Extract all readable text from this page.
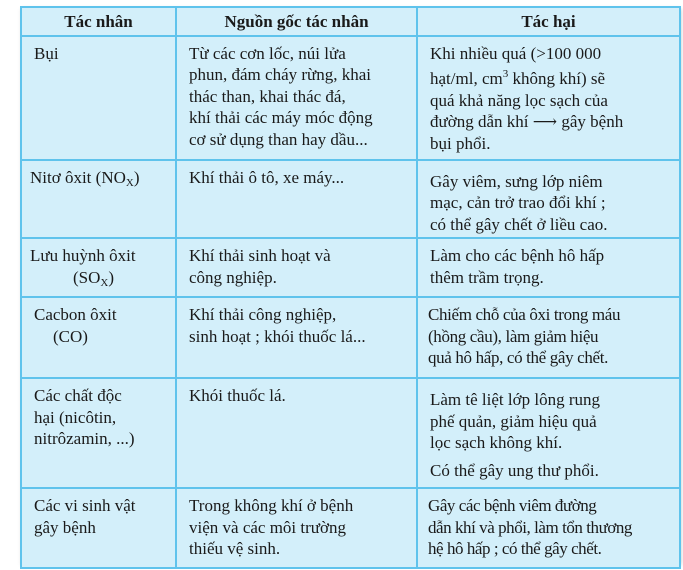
Tác nhân	Nguồn gốc tác nhân	Tác hại

Bụi	Từ các cơn lốc, núi lửa
phun, đám cháy rừng, khai
thác than, khai thác đá,
khí thải các máy móc động
cơ sử dụng than hay dầu...	Khi nhiều quá (>100 000
hạt/ml, $cm^3$ không khí) sẽ
quá khả năng lọc sạch của
đường dẫn khí ⟶ gây bệnh
bụi phổi.

Nitơ ôxit $(NO_X)$	Khí thải ô tô, xe máy...	Gây viêm, sưng lớp niêm
mạc, cản trở trao đổi khí ;
có thể gây chết ở liều cao.

Lưu huỳnh ôxit
$(SO_X)$	Khí thải sinh hoạt và
công nghiệp.	Làm cho các bệnh hô hấp
thêm trầm trọng.

Cacbon ôxit
(CO)	Khí thải công nghiệp,
sinh hoạt ; khói thuốc lá...	Chiếm chỗ của ôxi trong máu
(hồng cầu), làm giảm hiệu
quả hô hấp, có thể gây chết.

Các chất độc
hại (nicôtin,
nitrôzamin, ...)	Khói thuốc lá.	Làm tê liệt lớp lông rung
phế quản, giảm hiệu quả
lọc sạch không khí.
Có thể gây ung thư phổi.

Các vi sinh vật
gây bệnh	Trong không khí ở bệnh
viện và các môi trường
thiếu vệ sinh.	Gây các bệnh viêm đường
dẫn khí và phổi, làm tổn thương
hệ hô hấp ; có thể gây chết.
